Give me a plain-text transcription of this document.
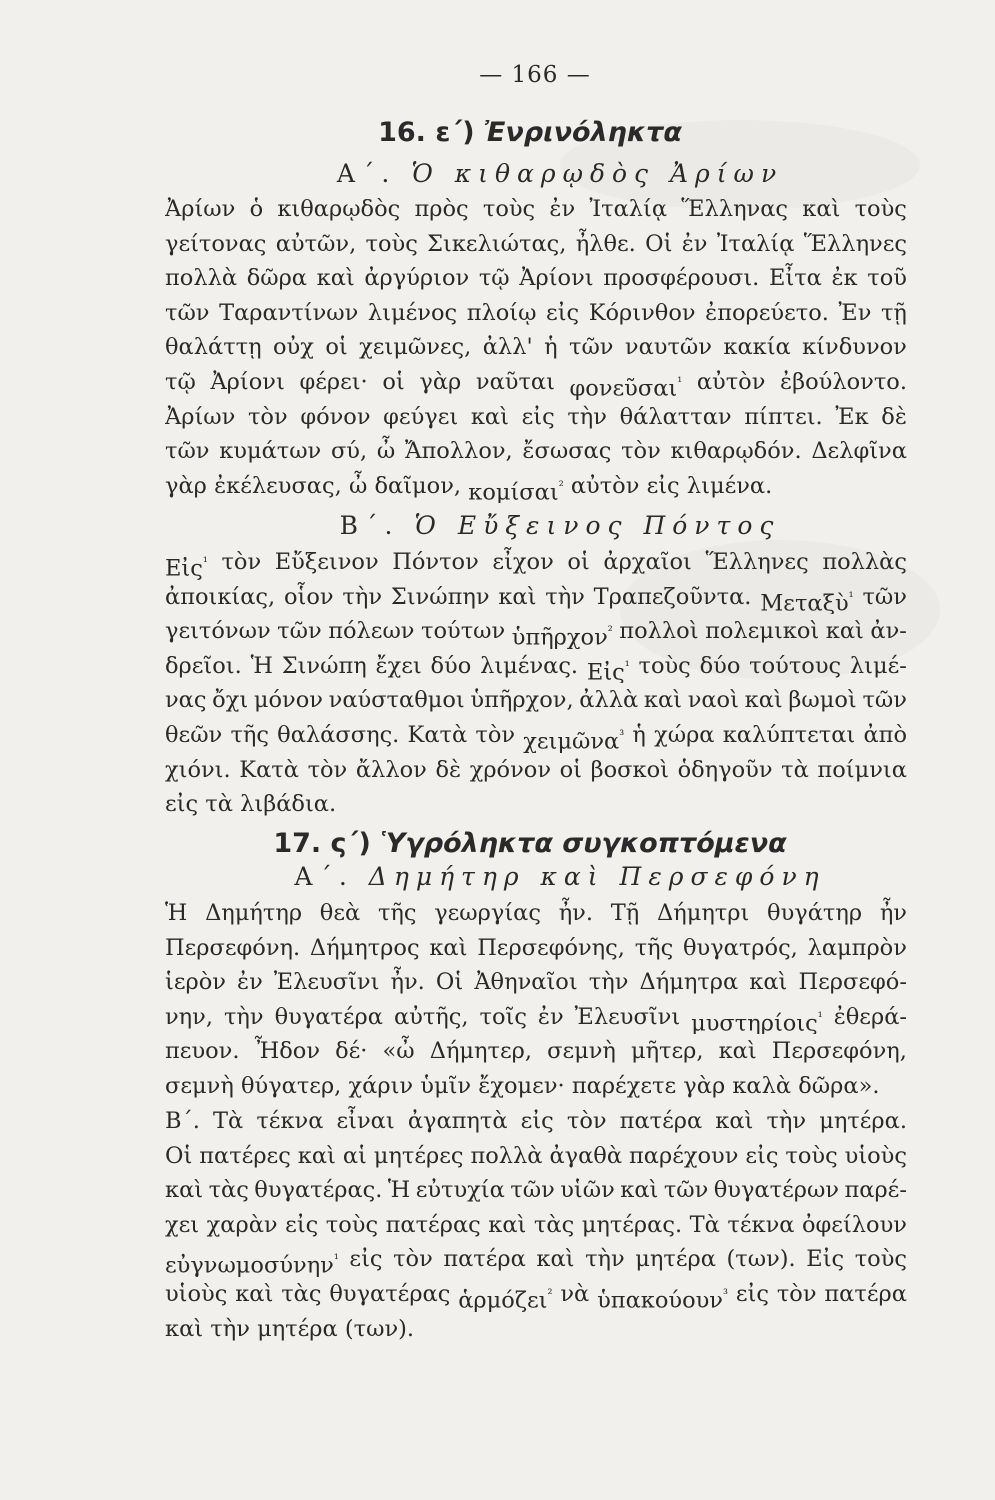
— 166 —
16. ε΄) Ἐνρινόληκτα
Α΄. Ὁ κιθαρῳδὸς Ἀρίων
Ἀρίων ὁ κιθαρῳδὸς πρὸς τοὺς ἐν Ἰταλίᾳ Ἕλληνας καὶ τοὺς
γείτονας αὐτῶν, τοὺς Σικελιώτας, ἦλθε. Οἱ ἐν Ἰταλίᾳ Ἕλληνες
πολλὰ δῶρα καὶ ἀργύριον τῷ Ἀρίονι προσφέρουσι. Εἶτα ἐκ τοῦ
τῶν Ταραντίνων λιμένος πλοίῳ εἰς Κόρινθον ἐπορεύετο. Ἐν τῇ
θαλάττῃ οὐχ οἱ χειμῶνες, ἀλλ' ἡ τῶν ναυτῶν κακία κίνδυνον
τῷ Ἀρίονι φέρει· οἱ γὰρ ναῦται φονεῦσαι$^{^1}$ αὐτὸν ἐβούλοντο.
Ἀρίων τὸν φόνον φεύγει καὶ εἰς τὴν θάλατταν πίπτει. Ἐκ δὲ
τῶν κυμάτων σύ, ὦ Ἄπολλον, ἔσωσας τὸν κιθαρῳδόν. Δελφῖνα
γὰρ ἐκέλευσας, ὦ δαῖμον, κομίσαι$^{^2}$ αὐτὸν εἰς λιμένα.
Β΄. Ὁ Εὔξεινος Πόντος
Εἰς$^{^1}$ τὸν Εὔξεινον Πόντον εἶχον οἱ ἀρχαῖοι Ἕλληνες πολλὰς
ἀποικίας, οἷον τὴν Σινώπην καὶ τὴν Τραπεζοῦντα. Μεταξὺ$^{^1}$ τῶν
γειτόνων τῶν πόλεων τούτων ὑπῆρχον$^{^2}$ πολλοὶ πολεμικοὶ καὶ ἀν-
δρεῖοι. Ἡ Σινώπη ἔχει δύο λιμένας. Εἰς$^{^1}$ τοὺς δύο τούτους λιμέ-
νας ὄχι μόνον ναύσταθμοι ὑπῆρχον, ἀλλὰ καὶ ναοὶ καὶ βωμοὶ τῶν
θεῶν τῆς θαλάσσης. Κατὰ τὸν χειμῶνα$^{^3}$ ἡ χώρα καλύπτεται ἀπὸ
χιόνι. Κατὰ τὸν ἄλλον δὲ χρόνον οἱ βοσκοὶ ὁδηγοῦν τὰ ποίμνια
εἰς τὰ λιβάδια.
17. ς΄) Ὑγρόληκτα συγκοπτόμενα
Α΄. Δημήτηρ καὶ Περσεφόνη
Ἡ Δημήτηρ θεὰ τῆς γεωργίας ἦν. Τῇ Δήμητρι θυγάτηρ ἦν
Περσεφόνη. Δήμητρος καὶ Περσεφόνης, τῆς θυγατρός, λαμπρὸν
ἱερὸν ἐν Ἐλευσῖνι ἦν. Οἱ Ἀθηναῖοι τὴν Δήμητρα καὶ Περσεφό-
νην, τὴν θυγατέρα αὐτῆς, τοῖς ἐν Ἐλευσῖνι μυστηρίοις$^{^1}$ ἐθερά-
πευον. Ἦδον δέ· «ὦ Δήμητερ, σεμνὴ μῆτερ, καὶ Περσεφόνη,
σεμνὴ θύγατερ, χάριν ὑμῖν ἔχομεν· παρέχετε γὰρ καλὰ δῶρα».
Β΄. Τὰ τέκνα εἶναι ἀγαπητὰ εἰς τὸν πατέρα καὶ τὴν μητέρα.
Οἱ πατέρες καὶ αἱ μητέρες πολλὰ ἀγαθὰ παρέχουν εἰς τοὺς υἱοὺς
καὶ τὰς θυγατέρας. Ἡ εὐτυχία τῶν υἱῶν καὶ τῶν θυγατέρων παρέ-
χει χαρὰν εἰς τοὺς πατέρας καὶ τὰς μητέρας. Τὰ τέκνα ὀφείλουν
εὐγνωμοσύνην$^{^1}$ εἰς τὸν πατέρα καὶ τὴν μητέρα (των). Εἰς τοὺς
υἱοὺς καὶ τὰς θυγατέρας ἁρμόζει$^{^2}$ νὰ ὑπακούουν$^{^3}$ εἰς τὸν πατέρα
καὶ τὴν μητέρα (των).
